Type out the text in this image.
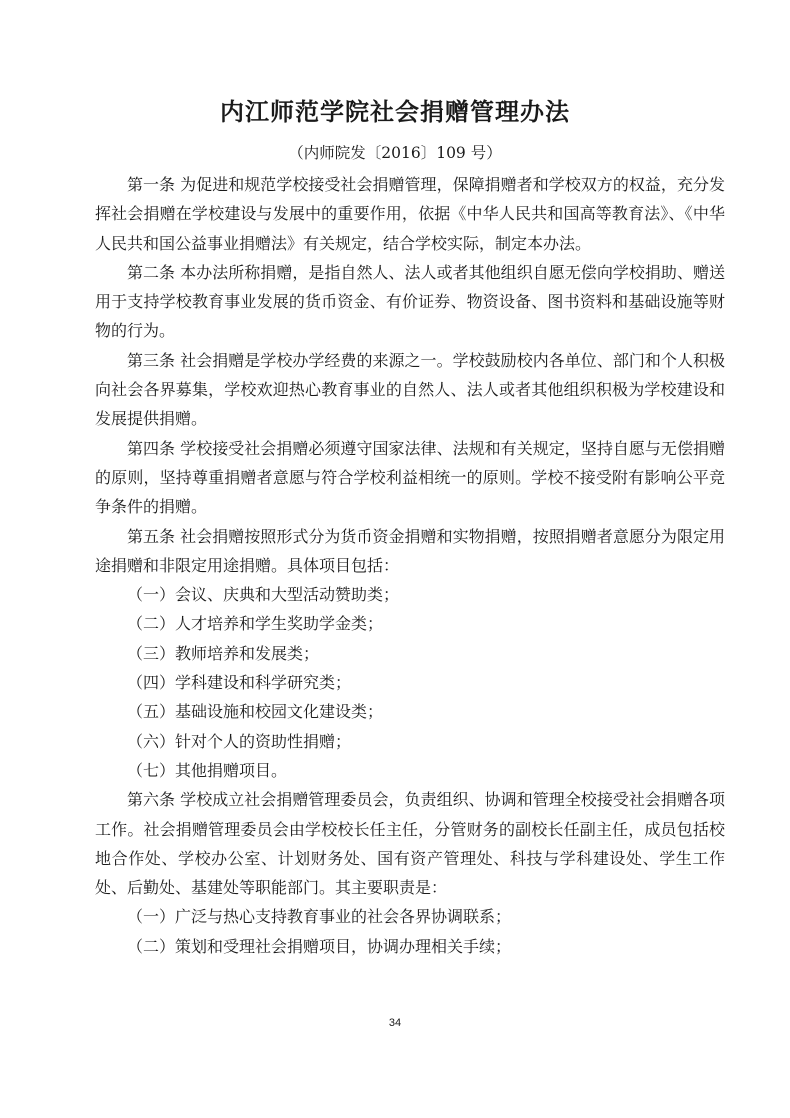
内江师范学院社会捐赠管理办法
（内师院发〔2016〕109 号）

第一条 为促进和规范学校接受社会捐赠管理，保障捐赠者和学校双方的权益，充分发挥社会捐赠在学校建设与发展中的重要作用，依据《中华人民共和国高等教育法》、《中华人民共和国公益事业捐赠法》有关规定，结合学校实际，制定本办法。

第二条 本办法所称捐赠，是指自然人、法人或者其他组织自愿无偿向学校捐助、赠送用于支持学校教育事业发展的货币资金、有价证券、物资设备、图书资料和基础设施等财物的行为。

第三条 社会捐赠是学校办学经费的来源之一。学校鼓励校内各单位、部门和个人积极向社会各界募集，学校欢迎热心教育事业的自然人、法人或者其他组织积极为学校建设和发展提供捐赠。

第四条 学校接受社会捐赠必须遵守国家法律、法规和有关规定，坚持自愿与无偿捐赠的原则，坚持尊重捐赠者意愿与符合学校利益相统一的原则。学校不接受附有影响公平竞争条件的捐赠。

第五条 社会捐赠按照形式分为货币资金捐赠和实物捐赠，按照捐赠者意愿分为限定用途捐赠和非限定用途捐赠。具体项目包括：

（一）会议、庆典和大型活动赞助类；

（二）人才培养和学生奖助学金类；

（三）教师培养和发展类；

（四）学科建设和科学研究类；

（五）基础设施和校园文化建设类；

（六）针对个人的资助性捐赠；

（七）其他捐赠项目。

第六条 学校成立社会捐赠管理委员会，负责组织、协调和管理全校接受社会捐赠各项工作。社会捐赠管理委员会由学校校长任主任，分管财务的副校长任副主任，成员包括校地合作处、学校办公室、计划财务处、国有资产管理处、科技与学科建设处、学生工作处、后勤处、基建处等职能部门。其主要职责是：

（一）广泛与热心支持教育事业的社会各界协调联系；

（二）策划和受理社会捐赠项目，协调办理相关手续；

34
